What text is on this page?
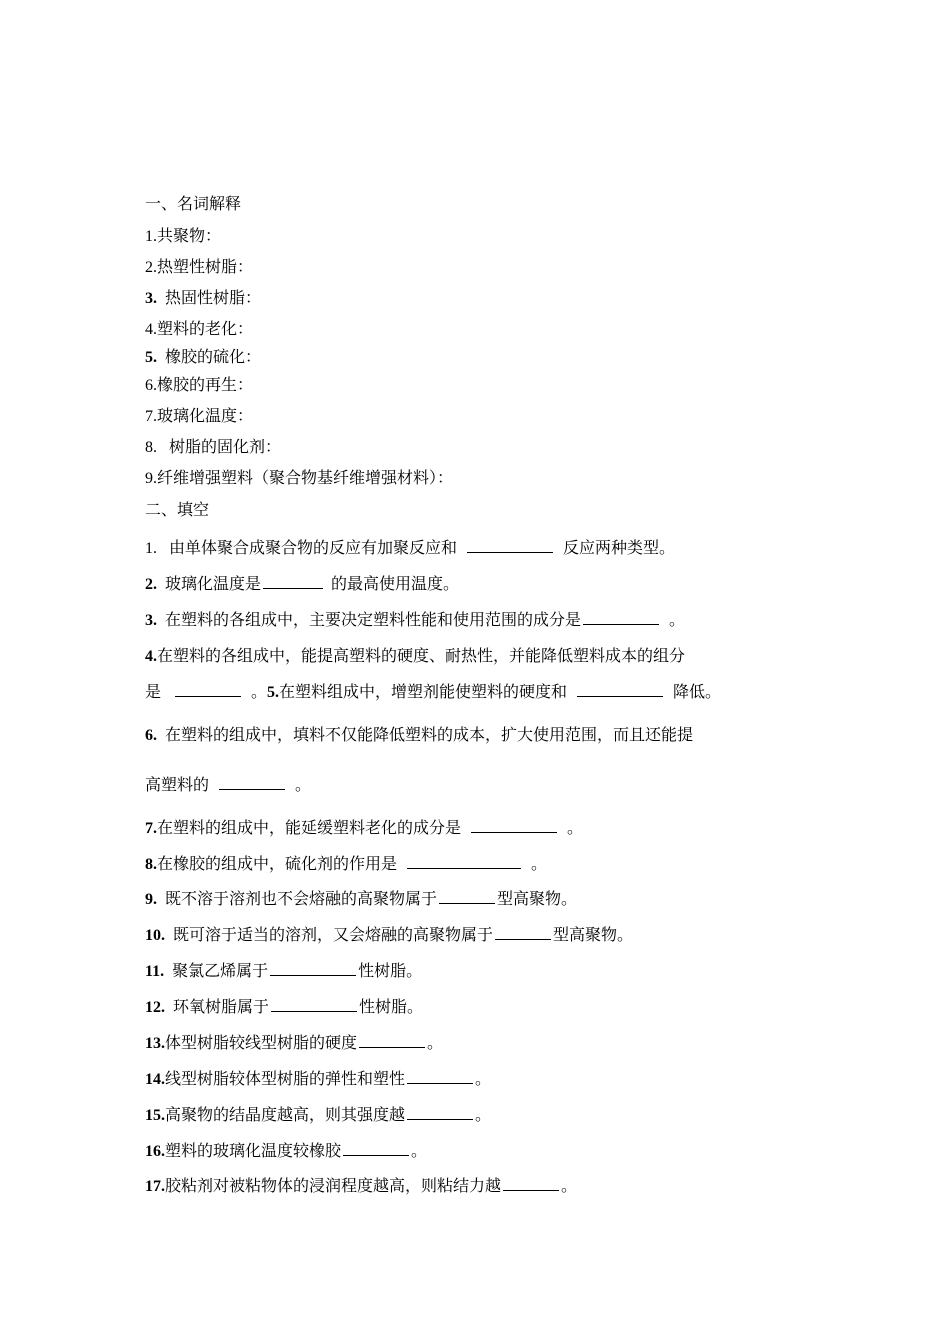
一、名词解释
1.共聚物：
2.热塑性树脂：
3. 热固性树脂：
4.塑料的老化：
5. 橡胶的硫化：
6.橡胶的再生：
7.玻璃化温度：
8. 树脂的固化剂：
9.纤维增强塑料（聚合物基纤维增强材料）：
二、填空
1. 由单体聚合成聚合物的反应有加聚反应和	反应两种类型。
2. 玻璃化温度是	的最高使用温度。
3. 在塑料的各组成中，主要决定塑料性能和使用范围的成分是	。
4.在塑料的各组成中，能提高塑料的硬度、耐热性，并能降低塑料成本的组分
是	。5.在塑料组成中，增塑剂能使塑料的硬度和	降低。
6. 在塑料的组成中，填料不仅能降低塑料的成本，扩大使用范围，而且还能提
高塑料的	。
7.在塑料的组成中，能延缓塑料老化的成分是	。
8.在橡胶的组成中，硫化剂的作用是	。
9. 既不溶于溶剂也不会熔融的高聚物属于	型高聚物。
10. 既可溶于适当的溶剂，又会熔融的高聚物属于	型高聚物。
11. 聚氯乙烯属于	性树脂。
12. 环氧树脂属于	性树脂。
13.体型树脂较线型树脂的硬度	。
14.线型树脂较体型树脂的弹性和塑性	。
15.高聚物的结晶度越高，则其强度越	。
16.塑料的玻璃化温度较橡胶	。
17.胶粘剂对被粘物体的浸润程度越高，则粘结力越	。
